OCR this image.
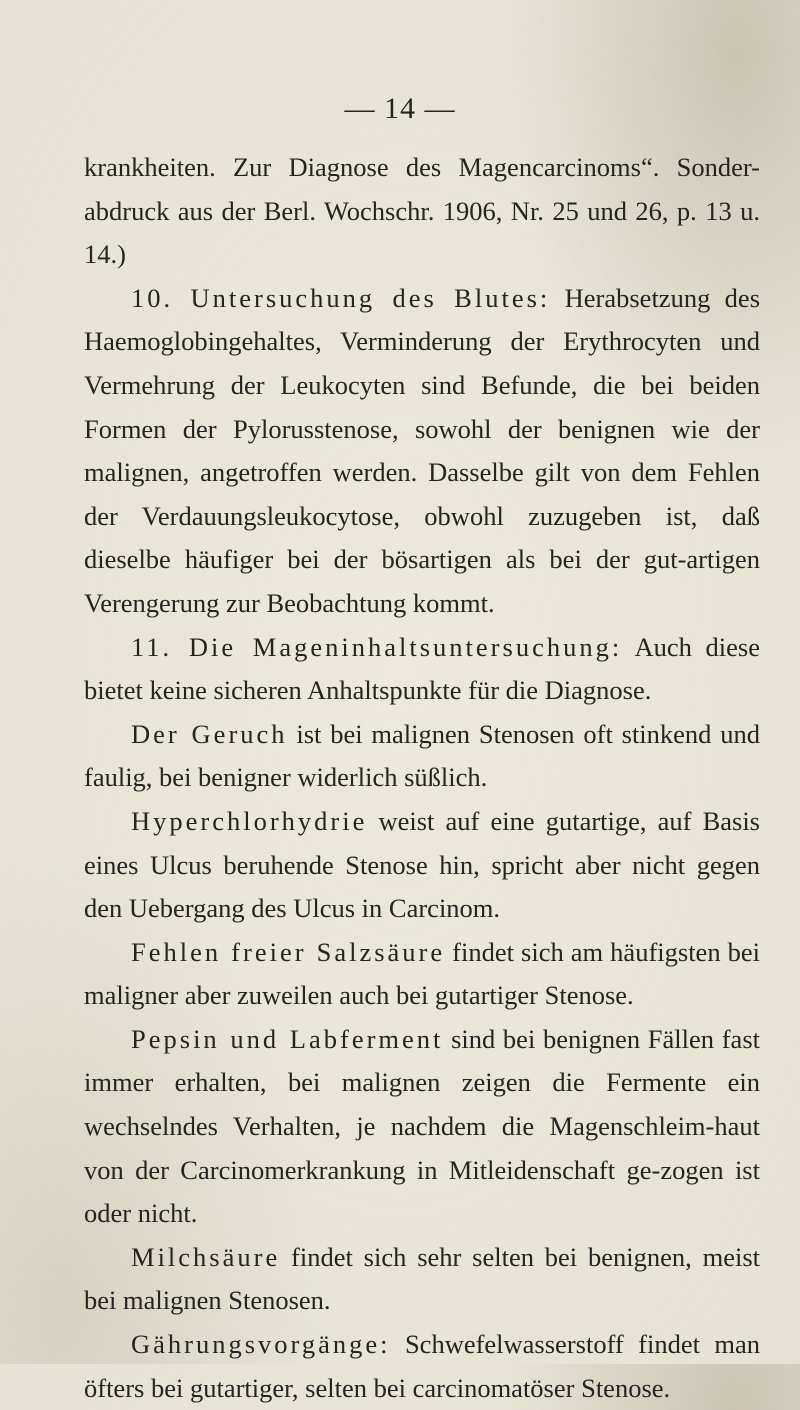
— 14 —

krankheiten. Zur Diagnose des Magencarcinoms“. Sonder-abdruck aus der Berl. Wochschr. 1906, Nr. 25 und 26, p. 13 u. 14.)

10. Untersuchung des Blutes: Herabsetzung des Haemoglobingehaltes, Verminderung der Erythrocyten und Vermehrung der Leukocyten sind Befunde, die bei beiden Formen der Pylorusstenose, sowohl der benignen wie der malignen, angetroffen werden. Dasselbe gilt von dem Fehlen der Verdauungsleukocytose, obwohl zuzugeben ist, daß dieselbe häufiger bei der bösartigen als bei der gut-artigen Verengerung zur Beobachtung kommt.

11. Die Mageninhaltsuntersuchung: Auch diese bietet keine sicheren Anhaltspunkte für die Diagnose.

Der Geruch ist bei malignen Stenosen oft stinkend und faulig, bei benigner widerlich süßlich.

Hyperchlorhydrie weist auf eine gutartige, auf Basis eines Ulcus beruhende Stenose hin, spricht aber nicht gegen den Uebergang des Ulcus in Carcinom.

Fehlen freier Salzsäure findet sich am häufigsten bei maligner aber zuweilen auch bei gutartiger Stenose.

Pepsin und Labferment sind bei benignen Fällen fast immer erhalten, bei malignen zeigen die Fermente ein wechselndes Verhalten, je nachdem die Magenschleim-haut von der Carcinomerkrankung in Mitleidenschaft ge-zogen ist oder nicht.

Milchsäure findet sich sehr selten bei benignen, meist bei malignen Stenosen.

Gährungsvorgänge: Schwefelwasserstoff findet man öfters bei gutartiger, selten bei carcinomatöser Stenose.
